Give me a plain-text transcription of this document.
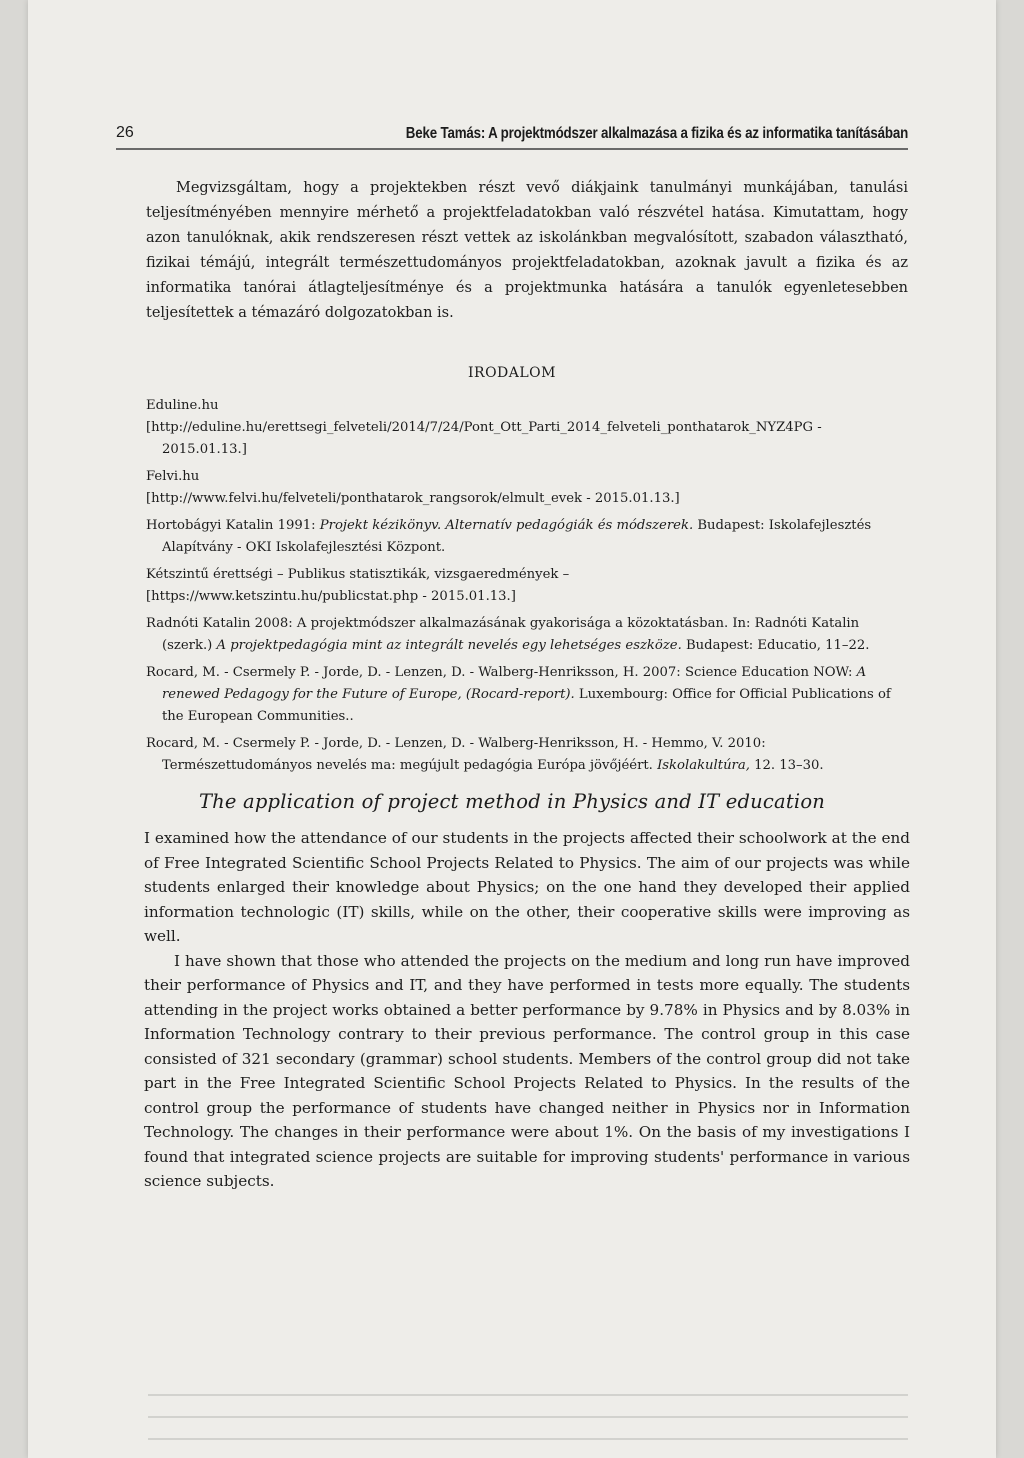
26	Beke Tamás: A projektmódszer alkalmazása a fizika és az informatika tanításában

Megvizsgáltam, hogy a projektekben részt vevő diákjaink tanulmányi munkájában, tanulási teljesítményében mennyire mérhető a projektfeladatokban való részvétel hatása. Kimutattam, hogy azon tanulóknak, akik rendszeresen részt vettek az iskolánkban megvalósított, szabadon választható, fizikai témájú, integrált természettudományos projektfeladatokban, azoknak javult a fizika és az informatika tanórai átlagteljesítménye és a projektmunka hatására a tanulók egyenletesebben teljesítettek a témazáró dolgozatokban is.

IRODALOM

Eduline.hu

[http://eduline.hu/erettsegi_felveteli/2014/7/24/Pont_Ott_Parti_2014_felveteli_ponthatarok_NYZ4PG - 2015.01.13.]

Felvi.hu

[http://www.felvi.hu/felveteli/ponthatarok_rangsorok/elmult_evek - 2015.01.13.]

Hortobágyi Katalin 1991: Projekt kézikönyv. Alternatív pedagógiák és módszerek. Budapest: Iskolafejlesztés Alapítvány - OKI Iskolafejlesztési Központ.

Kétszintű érettségi – Publikus statisztikák, vizsgaeredmények –

[https://www.ketszintu.hu/publicstat.php - 2015.01.13.]

Radnóti Katalin 2008: A projektmódszer alkalmazásának gyakorisága a közoktatásban. In: Radnóti Katalin (szerk.) A projektpedagógia mint az integrált nevelés egy lehetséges eszköze. Budapest: Educatio, 11–22.

Rocard, M. - Csermely P. - Jorde, D. - Lenzen, D. - Walberg-Henriksson, H. 2007: Science Education NOW: A renewed Pedagogy for the Future of Europe, (Rocard-report). Luxembourg: Office for Official Publications of the European Communities..

Rocard, M. - Csermely P. - Jorde, D. - Lenzen, D. - Walberg-Henriksson, H. - Hemmo, V. 2010: Természettudományos nevelés ma: megújult pedagógia Európa jövőjéért. Iskolakultúra, 12. 13–30.

The application of project method in Physics and IT education

I examined how the attendance of our students in the projects affected their schoolwork at the end of Free Integrated Scientific School Projects Related to Physics. The aim of our projects was while students enlarged their knowledge about Physics; on the one hand they developed their applied information technologic (IT) skills, while on the other, their cooperative skills were improving as well.

I have shown that those who attended the projects on the medium and long run have improved their performance of Physics and IT, and they have performed in tests more equally. The students attending in the project works obtained a better performance by 9.78% in Physics and by 8.03% in Information Technology contrary to their previous performance. The control group in this case consisted of 321 secondary (grammar) school students. Members of the control group did not take part in the Free Integrated Scientific School Projects Related to Physics. In the results of the control group the performance of students have changed neither in Physics nor in Information Technology. The changes in their performance were about 1%. On the basis of my investigations I found that integrated science projects are suitable for improving students' performance in various science subjects.
